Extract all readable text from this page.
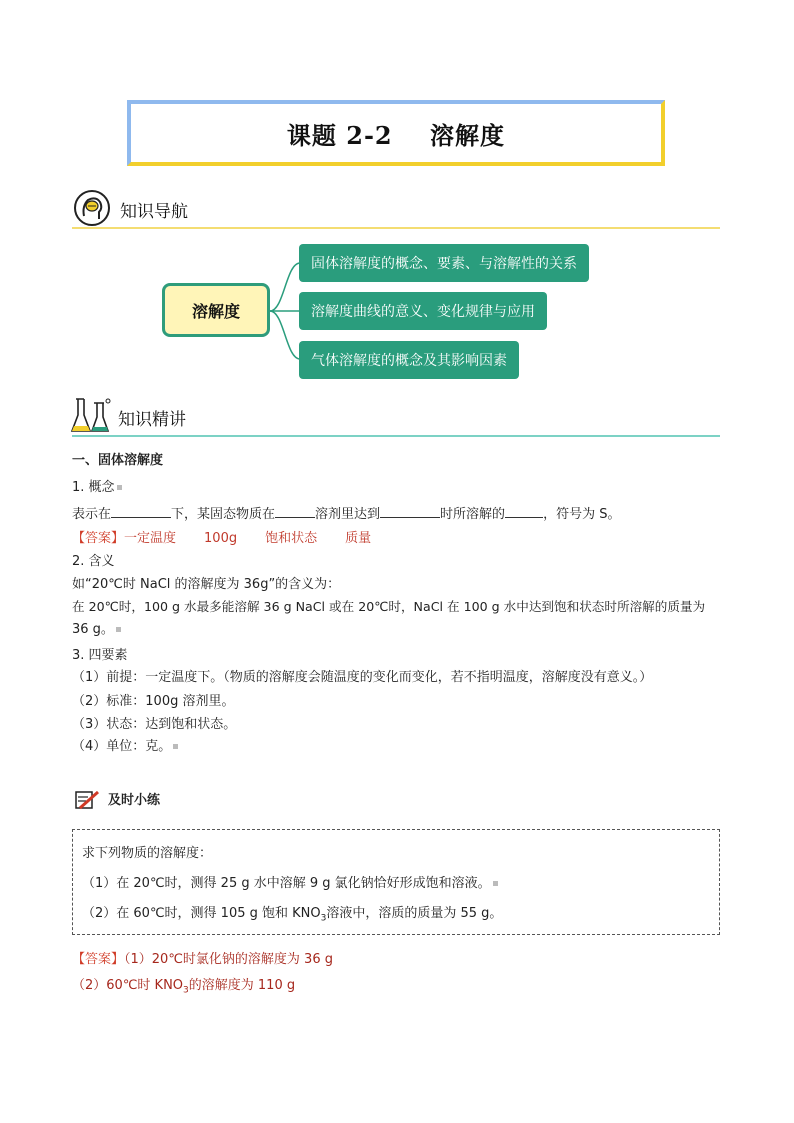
课题 2-2    溶解度
知识导航
溶解度
固体溶解度的概念、要素、与溶解性的关系
溶解度曲线的意义、变化规律与应用
气体溶解度的概念及其影响因素
知识精讲
一、固体溶解度
1. 概念
表示在	下，某固态物质在	溶剂里达到	时所溶解的	，符号为 S。
【答案】一定温度 100g 饱和状态 质量
2. 含义
如“20℃时 NaCl 的溶解度为 36g”的含义为：
在 20℃时，100 g 水最多能溶解 36 g NaCl 或在 20℃时，NaCl 在 100 g 水中达到饱和状态时所溶解的质量为
36 g。
3. 四要素
（1）前提：一定温度下。（物质的溶解度会随温度的变化而变化，若不指明温度，溶解度没有意义。）
（2）标准：100g 溶剂里。
（3）状态：达到饱和状态。
（4）单位：克。
及时小练
求下列物质的溶解度：
（1）在 20℃时，测得 25 g 水中溶解 9 g 氯化钠恰好形成饱和溶液。
（2）在 60℃时，测得 105 g 饱和 $KNO_3$溶液中，溶质的质量为 55 g。
【答案】（1）20℃时氯化钠的溶解度为 36 g
（2）60℃时 $KNO_3$的溶解度为 110 g
